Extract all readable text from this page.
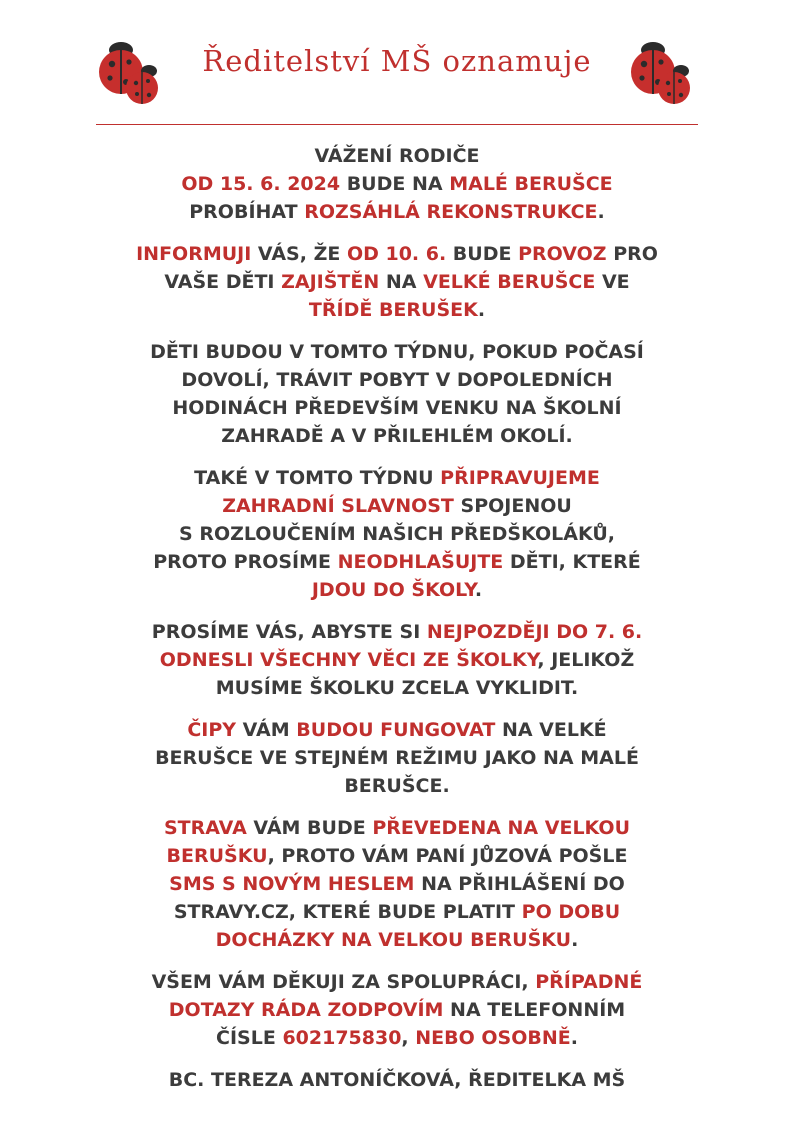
Ředitelství MŠ oznamuje

VÁŽENÍ RODIČE
OD 15. 6. 2024 BUDE NA MALÉ BERUŠCE
PROBÍHAT ROZSÁHLÁ REKONSTRUKCE.

INFORMUJI VÁS, ŽE OD 10. 6. BUDE PROVOZ PRO
VAŠE DĚTI ZAJIŠTĚN NA VELKÉ BERUŠCE VE
TŘÍDĚ BERUŠEK.

DĚTI BUDOU V TOMTO TÝDNU, POKUD POČASÍ
DOVOLÍ, TRÁVIT POBYT V DOPOLEDNÍCH
HODINÁCH PŘEDEVŠÍM VENKU NA ŠKOLNÍ
ZAHRADĚ A V PŘILEHLÉM OKOLÍ.

TAKÉ V TOMTO TÝDNU PŘIPRAVUJEME
ZAHRADNÍ SLAVNOST SPOJENOU
S ROZLOUČENÍM NAŠICH PŘEDŠKOLÁKŮ,
PROTO PROSÍME NEODHLAŠUJTE DĚTI, KTERÉ
JDOU DO ŠKOLY.

PROSÍME VÁS, ABYSTE SI NEJPOZDĚJI DO 7. 6.
ODNESLI VŠECHNY VĚCI ZE ŠKOLKY, JELIKOŽ
MUSÍME ŠKOLKU ZCELA VYKLIDIT.

ČIPY VÁM BUDOU FUNGOVAT NA VELKÉ
BERUŠCE VE STEJNÉM REŽIMU JAKO NA MALÉ
BERUŠCE.

STRAVA VÁM BUDE PŘEVEDENA NA VELKOU
BERUŠKU, PROTO VÁM PANÍ JŮZOVÁ POŠLE
SMS S NOVÝM HESLEM NA PŘIHLÁŠENÍ DO
STRAVY.CZ, KTERÉ BUDE PLATIT PO DOBU
DOCHÁZKY NA VELKOU BERUŠKU.

VŠEM VÁM DĚKUJI ZA SPOLUPRÁCI, PŘÍPADNÉ
DOTAZY RÁDA ZODPOVÍM NA TELEFONNÍM
ČÍSLE 602175830, NEBO OSOBNĚ.

BC. TEREZA ANTONÍČKOVÁ, ŘEDITELKA MŠ
